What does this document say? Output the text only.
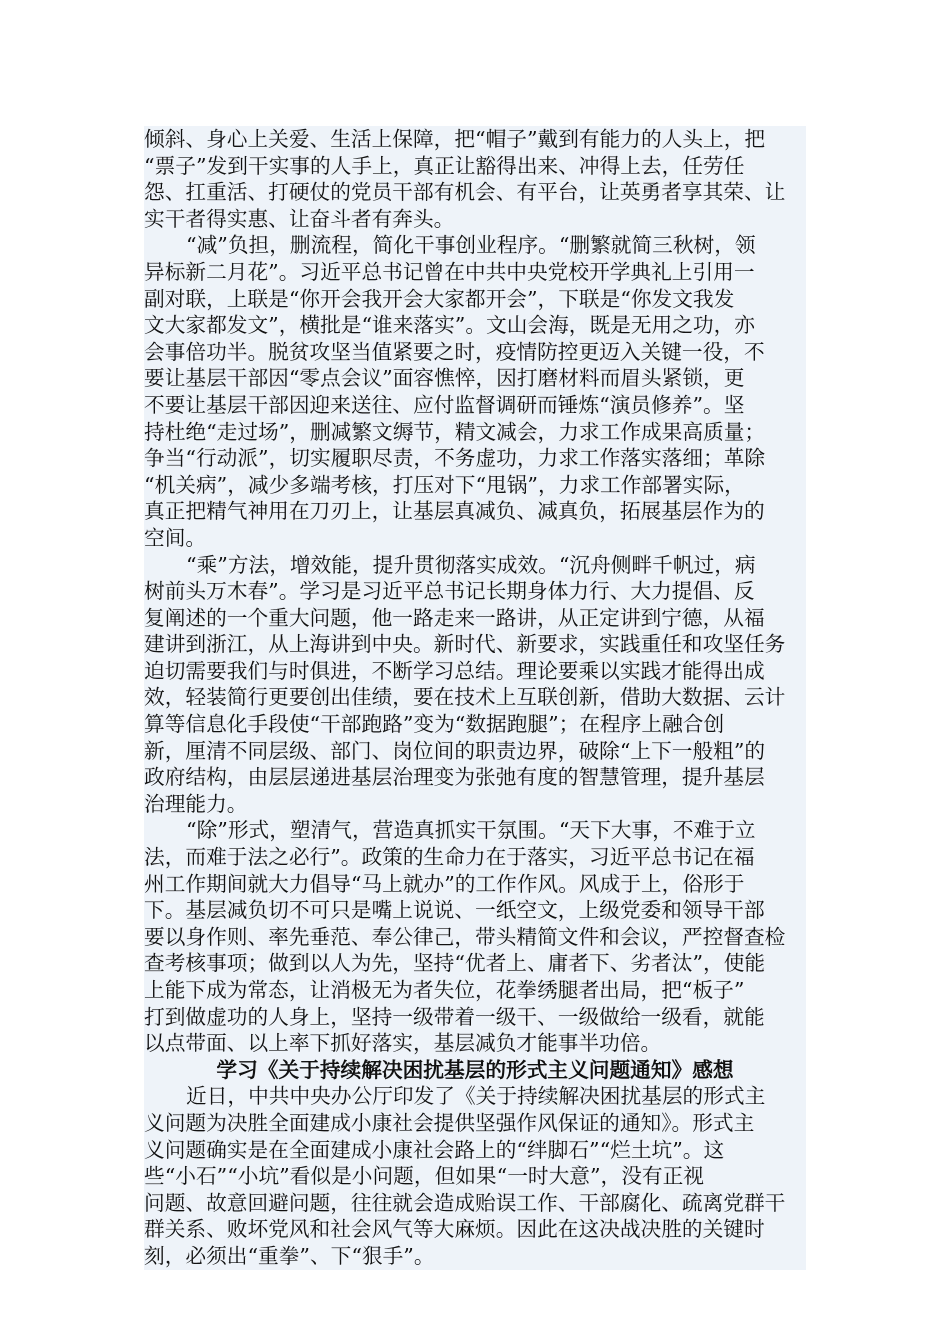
倾斜、身心上关爱、生活上保障，把“帽子”戴到有能力的人头上，把
“票子”发到干实事的人手上，真正让豁得出来、冲得上去，任劳任
怨、扛重活、打硬仗的党员干部有机会、有平台，让英勇者享其荣、让
实干者得实惠、让奋斗者有奔头。
“减”负担，删流程，简化干事创业程序。“删繁就简三秋树，领
异标新二月花”。习近平总书记曾在中共中央党校开学典礼上引用一
副对联，上联是“你开会我开会大家都开会”，下联是“你发文我发
文大家都发文”，横批是“谁来落实”。文山会海，既是无用之功，亦
会事倍功半。脱贫攻坚当值紧要之时，疫情防控更迈入关键一役，不
要让基层干部因“零点会议”面容憔悴，因打磨材料而眉头紧锁，更
不要让基层干部因迎来送往、应付监督调研而锤炼“演员修养”。坚
持杜绝“走过场”，删减繁文缛节，精文减会，力求工作成果高质量；
争当“行动派”，切实履职尽责，不务虚功，力求工作落实落细；革除
“机关病”，减少多端考核，打压对下“甩锅”，力求工作部署实际，
真正把精气神用在刀刃上，让基层真减负、减真负，拓展基层作为的
空间。
“乘”方法，增效能，提升贯彻落实成效。“沉舟侧畔千帆过，病
树前头万木春”。学习是习近平总书记长期身体力行、大力提倡、反
复阐述的一个重大问题，他一路走来一路讲，从正定讲到宁德，从福
建讲到浙江，从上海讲到中央。新时代、新要求，实践重任和攻坚任务
迫切需要我们与时俱进，不断学习总结。理论要乘以实践才能得出成
效，轻装简行更要创出佳绩，要在技术上互联创新，借助大数据、云计
算等信息化手段使“干部跑路”变为“数据跑腿”；在程序上融合创
新，厘清不同层级、部门、岗位间的职责边界，破除“上下一般粗”的
政府结构，由层层递进基层治理变为张弛有度的智慧管理，提升基层
治理能力。
“除”形式，塑清气，营造真抓实干氛围。“天下大事，不难于立
法，而难于法之必行”。政策的生命力在于落实，习近平总书记在福
州工作期间就大力倡导“马上就办”的工作作风。风成于上，俗形于
下。基层减负切不可只是嘴上说说、一纸空文，上级党委和领导干部
要以身作则、率先垂范、奉公律己，带头精简文件和会议，严控督查检
查考核事项；做到以人为先，坚持“优者上、庸者下、劣者汰”，使能
上能下成为常态，让消极无为者失位，花拳绣腿者出局，把“板子”
打到做虚功的人身上，坚持一级带着一级干、一级做给一级看，就能
以点带面、以上率下抓好落实，基层减负才能事半功倍。
学习《关于持续解决困扰基层的形式主义问题通知》感想
近日，中共中央办公厅印发了《关于持续解决困扰基层的形式主
义问题为决胜全面建成小康社会提供坚强作风保证的通知》。形式主
义问题确实是在全面建成小康社会路上的“绊脚石”“烂土坑”。这
些“小石”“小坑”看似是小问题，但如果“一时大意”，没有正视
问题、故意回避问题，往往就会造成贻误工作、干部腐化、疏离党群干
群关系、败坏党风和社会风气等大麻烦。因此在这决战决胜的关键时
刻，必须出“重拳”、下“狠手”。
